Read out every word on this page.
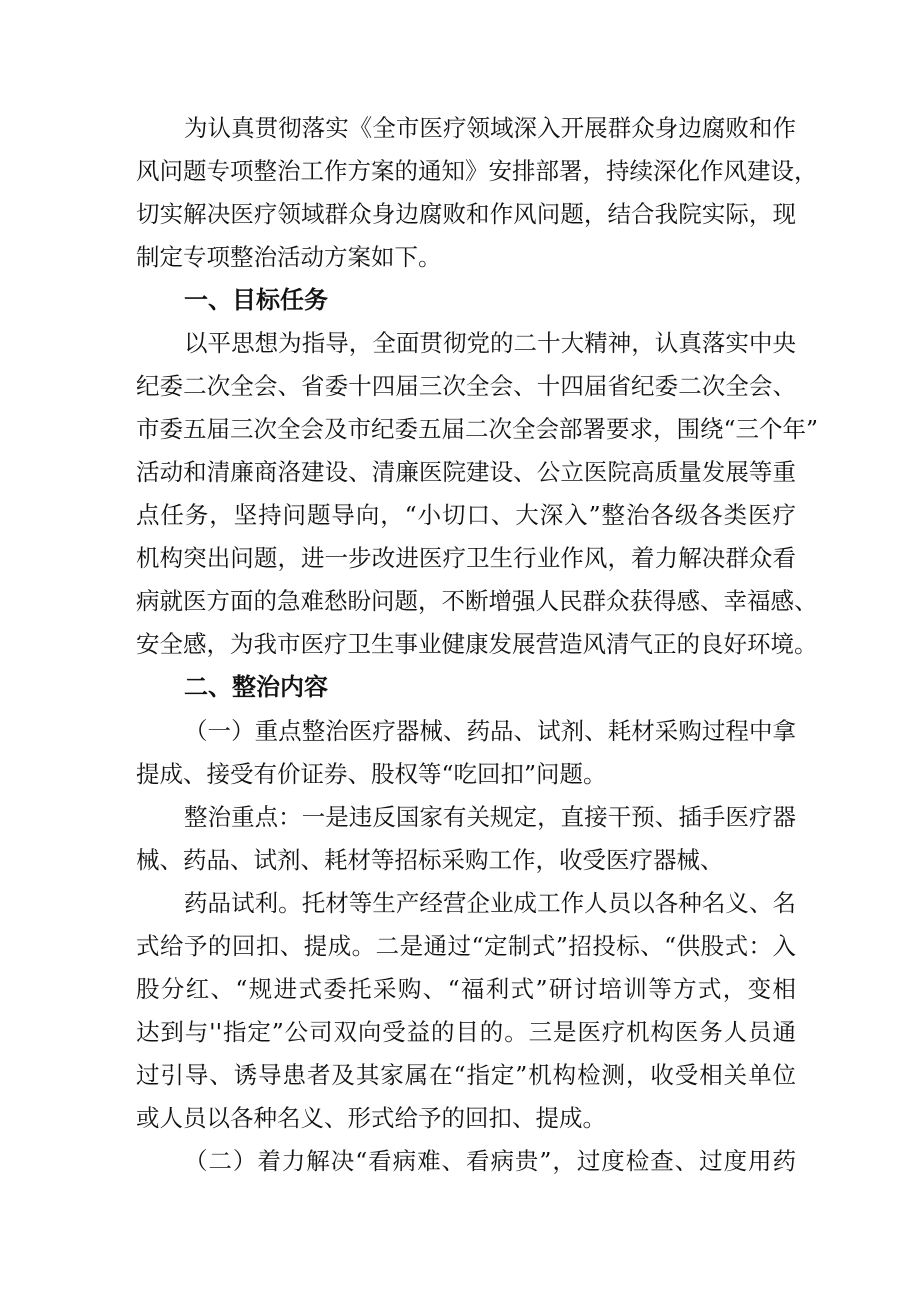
为认真贯彻落实《全市医疗领域深入开展群众身边腐败和作
风问题专项整治工作方案的通知》安排部署，持续深化作风建设，
切实解决医疗领域群众身边腐败和作风问题，结合我院实际，现
制定专项整治活动方案如下。
一、目标任务
以平思想为指导，全面贯彻党的二十大精神，认真落实中央
纪委二次全会、省委十四届三次全会、十四届省纪委二次全会、
市委五届三次全会及市纪委五届二次全会部署要求，围绕“三个年”
活动和清廉商洛建设、清廉医院建设、公立医院高质量发展等重
点任务，坚持问题导向，“小切口、大深入”整治各级各类医疗
机构突出问题，进一步改进医疗卫生行业作风，着力解决群众看
病就医方面的急难愁盼问题，不断增强人民群众获得感、幸福感、
安全感，为我市医疗卫生事业健康发展营造风清气正的良好环境。
二、整治内容
（一）重点整治医疗器械、药品、试剂、耗材采购过程中拿
提成、接受有价证券、股权等“吃回扣”问题。
整治重点：一是违反国家有关规定，直接干预、插手医疗器
械、药品、试剂、耗材等招标采购工作，收受医疗器械、
药品试利。托材等生产经营企业成工作人员以各种名义、名
式给予的回扣、提成。二是通过“定制式”招投标、“供股式：入
股分红、“规进式委托采购、“福利式”研讨培训等方式，变相
达到与''指定”公司双向受益的目的。三是医疗机构医务人员通
过引导、诱导患者及其家属在“指定”机构检测，收受相关单位
或人员以各种名义、形式给予的回扣、提成。
（二）着力解决“看病难、看病贵”，过度检查、过度用药
